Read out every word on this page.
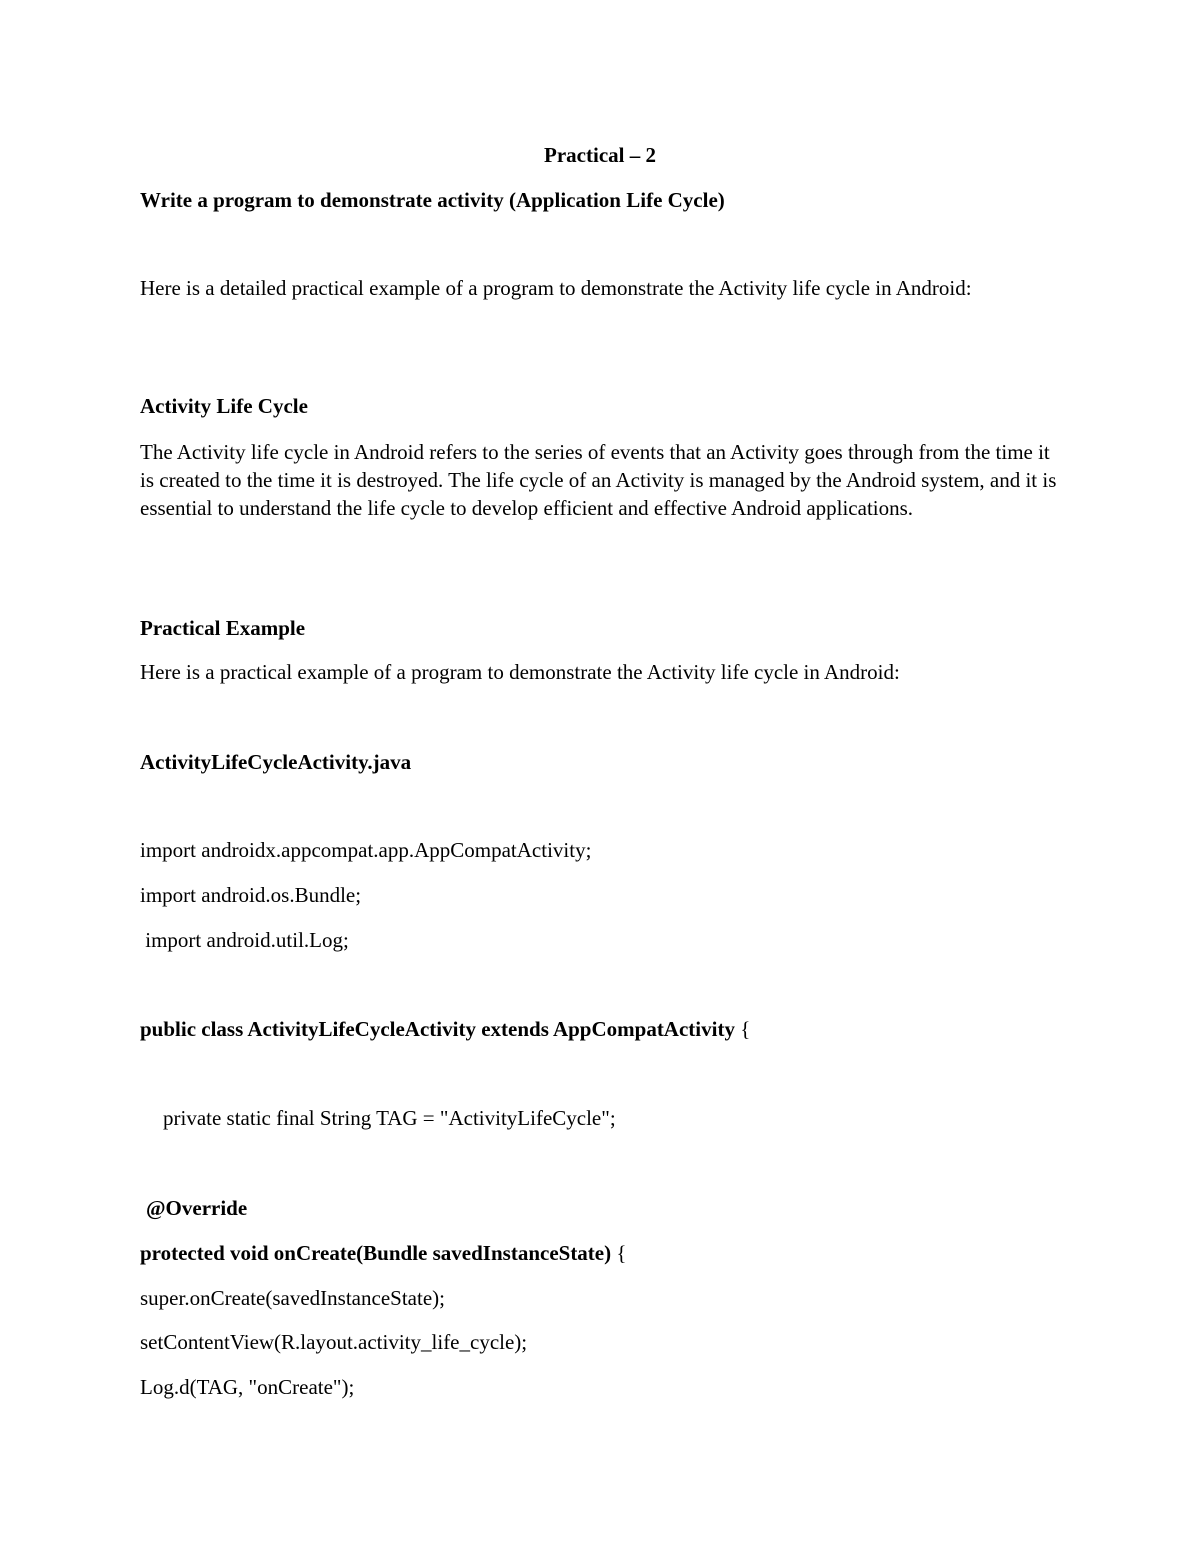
Practical – 2
Write a program to demonstrate activity (Application Life Cycle)
Here is a detailed practical example of a program to demonstrate the Activity life cycle in Android:
Activity Life Cycle
The Activity life cycle in Android refers to the series of events that an Activity goes through from the time it is created to the time it is destroyed. The life cycle of an Activity is managed by the Android system, and it is essential to understand the life cycle to develop efficient and effective Android applications.
Practical Example
Here is a practical example of a program to demonstrate the Activity life cycle in Android:
ActivityLifeCycleActivity.java
import androidx.appcompat.app.AppCompatActivity;
import android.os.Bundle;
import android.util.Log;
public class ActivityLifeCycleActivity extends AppCompatActivity {
private static final String TAG = "ActivityLifeCycle";
@Override
protected void onCreate(Bundle savedInstanceState) {
super.onCreate(savedInstanceState);
setContentView(R.layout.activity_life_cycle);
Log.d(TAG, "onCreate");
